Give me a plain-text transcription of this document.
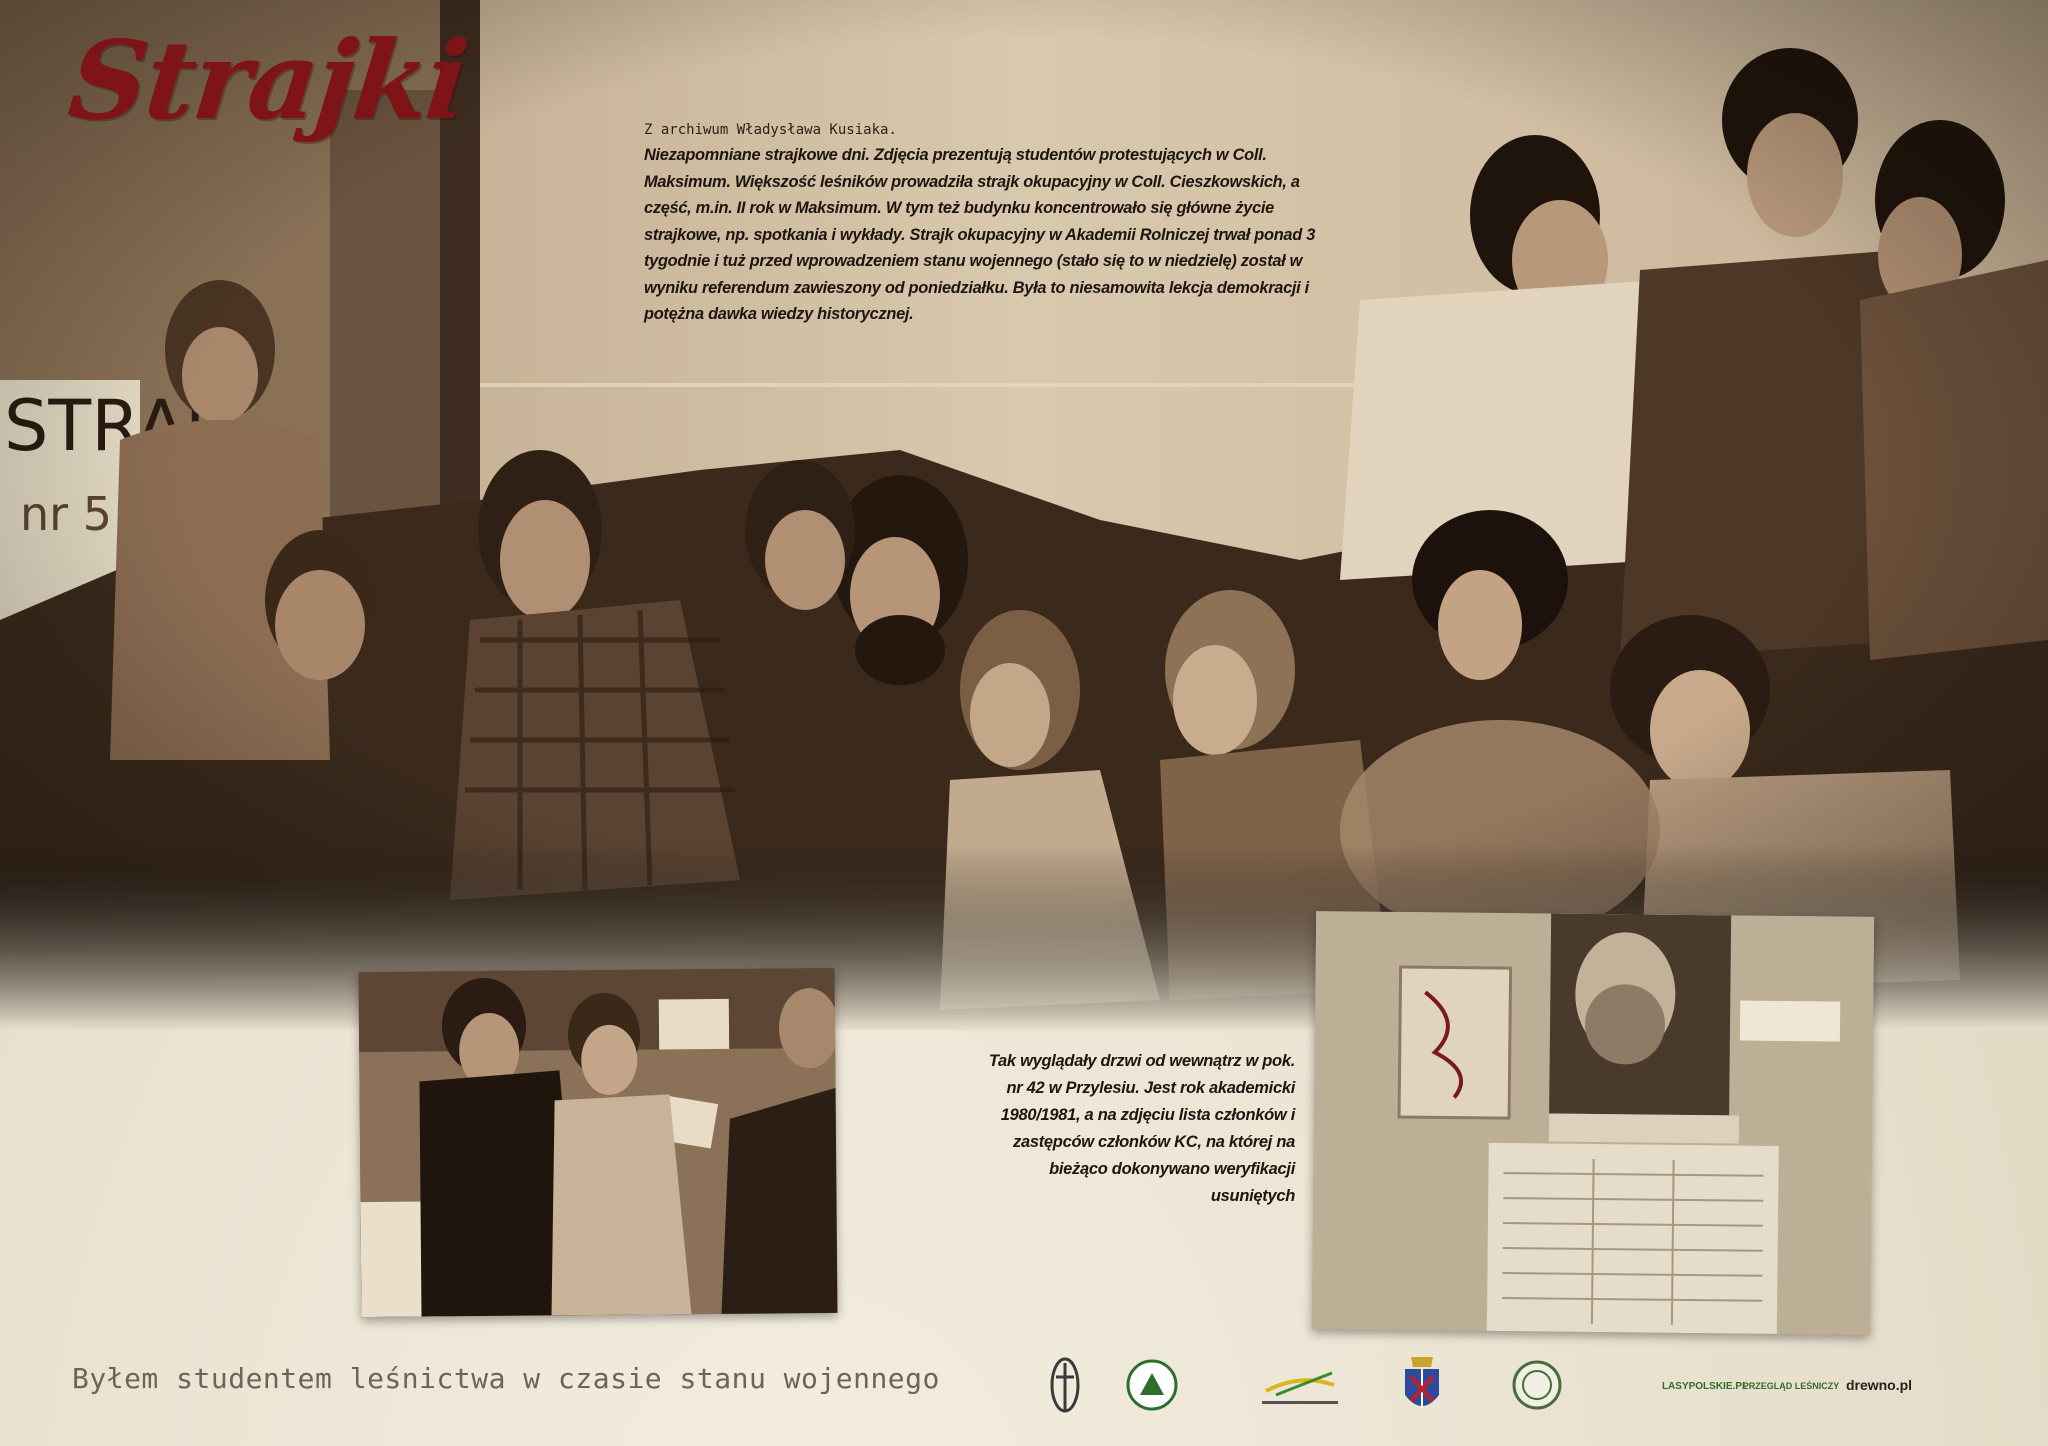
Strajki	Z archiwum Władysława Kusiaka.

Niezapomniane strajkowe dni. Zdjęcia prezentują studentów protestujących w Coll. Maksimum. Większość leśników prowadziła strajk okupacyjny w Coll. Cieszkowskich, a część, m.in. II rok w Maksimum. W tym też budynku koncentrowało się główne życie strajkowe, np. spotkania i wykłady. Strajk okupacyjny w Akademii Rolniczej trwał ponad 3 tygodnie i tuż przed wprowadzeniem stanu wojennego (stało się to w niedzielę) został w wyniku referendum zawieszony od poniedziałku. Była to niesamowita lekcja demokracji i potężna dawka wiedzy historycznej.

Tak wyglądały drzwi od wewnątrz w pok. nr 42 w Przylesiu. Jest rok akademicki 1980/1981, a na zdjęciu lista członków i zastępców członków KC, na której na bieżąco dokonywano weryfikacji usuniętych

Byłem studentem leśnictwa w czasie stanu wojennego	LASYPOLSKIE.PL
PRZEGLĄD LEŚNICZY drewno.pl
